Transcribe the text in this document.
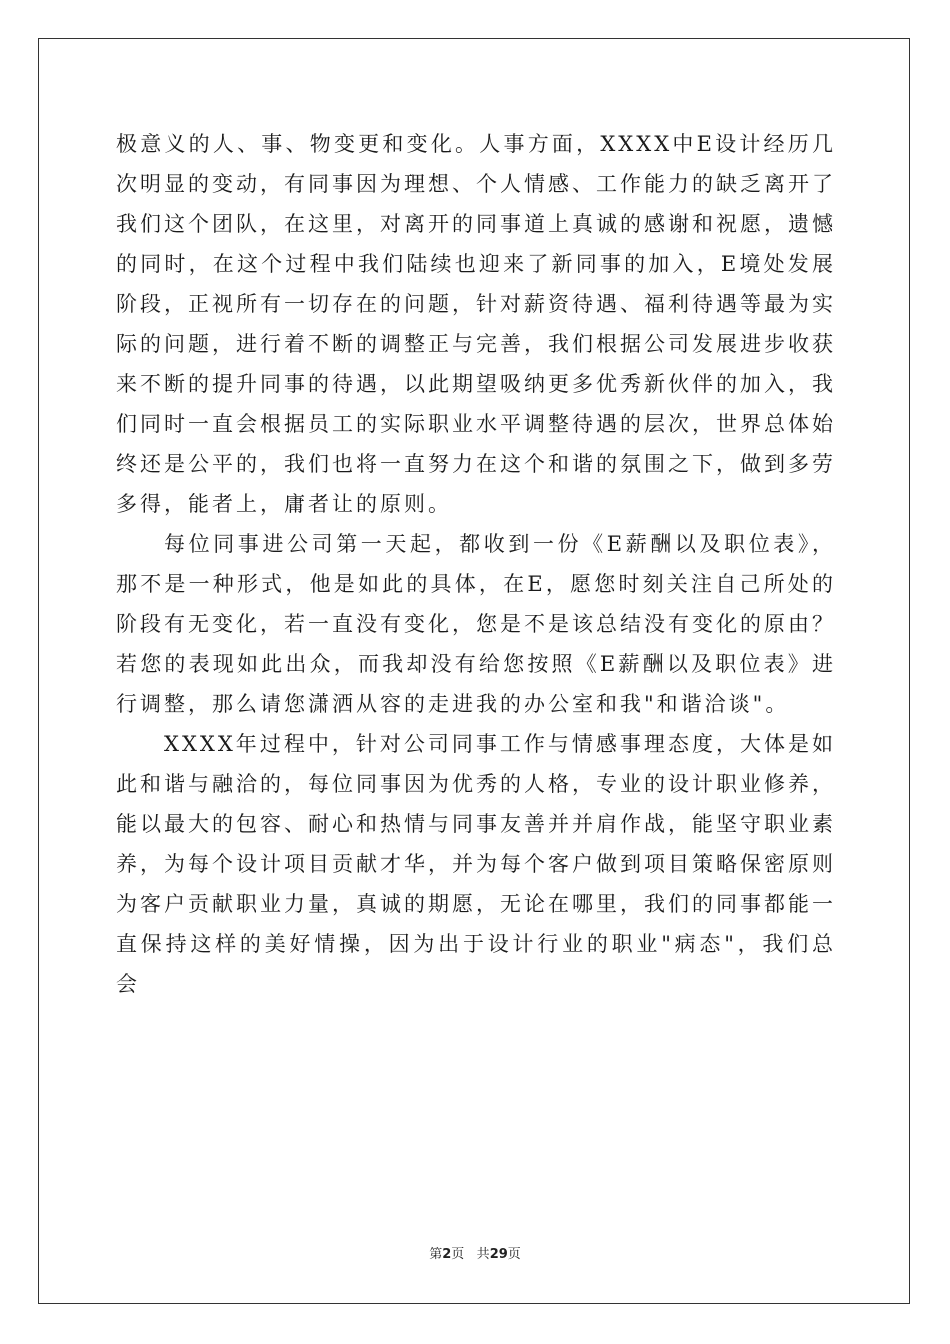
极意义的人、事、物变更和变化。人事方面，XXXX中E设计经历几次明显的变动，有同事因为理想、个人情感、工作能力的缺乏离开了我们这个团队，在这里，对离开的同事道上真诚的感谢和祝愿，遗憾的同时，在这个过程中我们陆续也迎来了新同事的加入，E境处发展阶段，正视所有一切存在的问题，针对薪资待遇、福利待遇等最为实际的问题，进行着不断的调整正与完善，我们根据公司发展进步收获来不断的提升同事的待遇，以此期望吸纳更多优秀新伙伴的加入，我们同时一直会根据员工的实际职业水平调整待遇的层次，世界总体始终还是公平的，我们也将一直努力在这个和谐的氛围之下，做到多劳多得，能者上，庸者让的原则。

每位同事进公司第一天起，都收到一份《E薪酬以及职位表》，那不是一种形式，他是如此的具体，在E，愿您时刻关注自己所处的阶段有无变化，若一直没有变化，您是不是该总结没有变化的原由？若您的表现如此出众，而我却没有给您按照《E薪酬以及职位表》进行调整，那么请您潇洒从容的走进我的办公室和我"和谐洽谈"。

XXXX年过程中，针对公司同事工作与情感事理态度，大体是如此和谐与融洽的，每位同事因为优秀的人格，专业的设计职业修养，能以最大的包容、耐心和热情与同事友善并并肩作战，能坚守职业素养，为每个设计项目贡献才华，并为每个客户做到项目策略保密原则为客户贡献职业力量，真诚的期愿，无论在哪里，我们的同事都能一直保持这样的美好情操，因为出于设计行业的职业"病态"，我们总会

第2页 共29页
